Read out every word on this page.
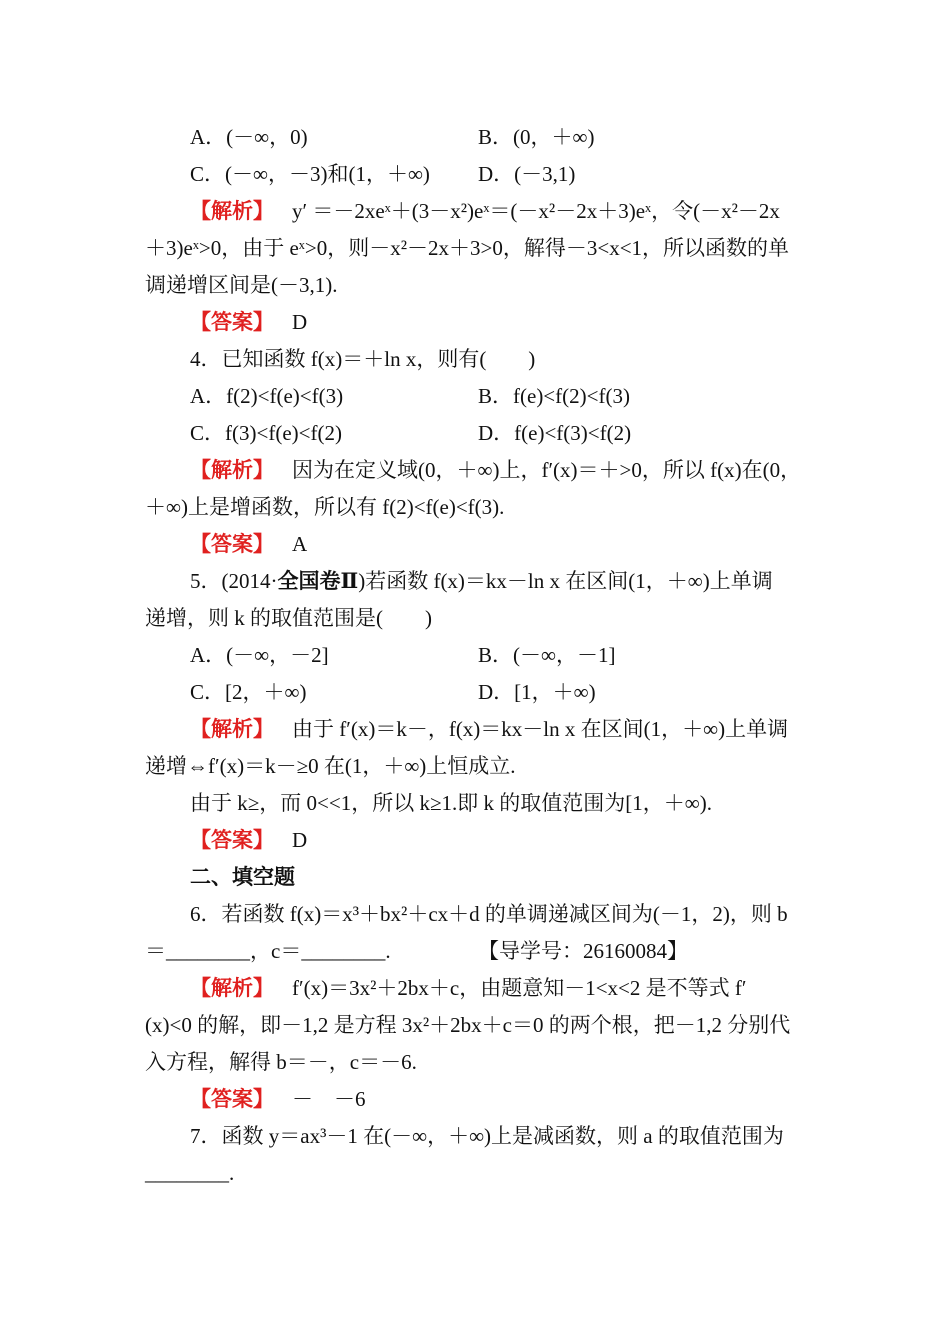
A．(－∞，0)	B．(0，＋∞)
C．(－∞，－3)和(1，＋∞) D．(－3,1)
【解析】 y′ ＝－2xeˣ＋(3－x²)eˣ＝(－x²－2x＋3)eˣ，令(－x²－2x
＋3)eˣ>0，由于 eˣ>0，则－x²－2x＋3>0，解得－3<x<1，所以函数的单
调递增区间是(－3,1).
【答案】 D
4．已知函数 f(x)＝＋ln x，则有(　　)
A．f(2)<f(e)<f(3)	B．f(e)<f(2)<f(3)
C．f(3)<f(e)<f(2)	D．f(e)<f(3)<f(2)
【解析】 因为在定义域(0，＋∞)上，f′(x)＝＋>0，所以 f(x)在(0，
＋∞)上是增函数，所以有 f(2)<f(e)<f(3).
【答案】 A
5．(2014·全国卷Ⅱ)若函数 f(x)＝kx－ln x 在区间(1，＋∞)上单调
递增，则 k 的取值范围是(　　)
A．(－∞，－2]	B．(－∞，－1]
C．[2，＋∞)	D．[1，＋∞)
【解析】 由于 f′(x)＝k－，f(x)＝kx－ln x 在区间(1，＋∞)上单调
递增⇔f′(x)＝k－≥0 在(1，＋∞)上恒成立.
由于 k≥，而 0<<1，所以 k≥1.即 k 的取值范围为[1，＋∞).
【答案】 D
二、填空题
6．若函数 f(x)＝x³＋bx²＋cx＋d 的单调递减区间为(－1，2)，则 b
＝________，c＝________.	【导学号：26160084】
【解析】 f′(x)＝3x²＋2bx＋c，由题意知－1<x<2 是不等式 f′
(x)<0 的解，即－1,2 是方程 3x²＋2bx＋c＝0 的两个根，把－1,2 分别代
入方程，解得 b＝－，c＝－6.
【答案】 －　－6
7．函数 y＝ax³－1 在(－∞，＋∞)上是减函数，则 a 的取值范围为
________.
